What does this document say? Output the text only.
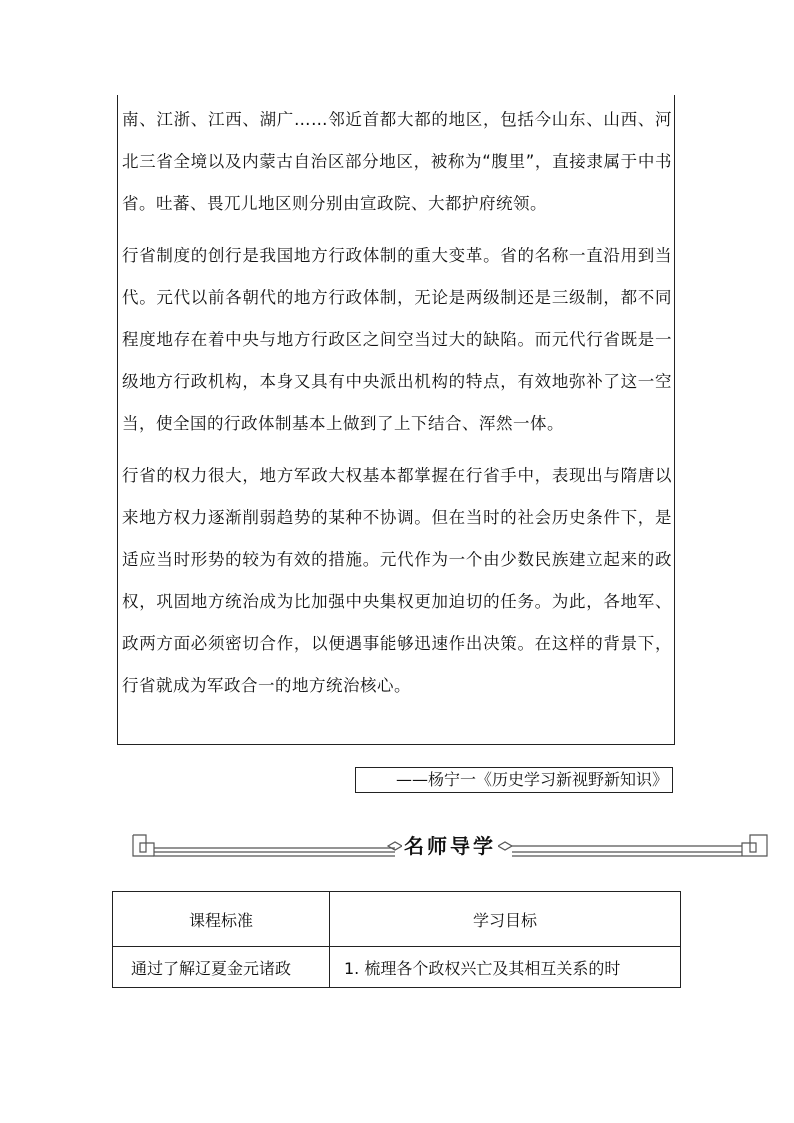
南、江浙、江西、湖广……邻近首都大都的地区，包括今山东、山西、河北三省全境以及内蒙古自治区部分地区，被称为“腹里”，直接隶属于中书省。吐蕃、畏兀儿地区则分别由宣政院、大都护府统领。

行省制度的创行是我国地方行政体制的重大变革。省的名称一直沿用到当代。元代以前各朝代的地方行政体制，无论是两级制还是三级制，都不同程度地存在着中央与地方行政区之间空当过大的缺陷。而元代行省既是一级地方行政机构，本身又具有中央派出机构的特点，有效地弥补了这一空当，使全国的行政体制基本上做到了上下结合、浑然一体。

行省的权力很大，地方军政大权基本都掌握在行省手中，表现出与隋唐以来地方权力逐渐削弱趋势的某种不协调。但在当时的社会历史条件下，是适应当时形势的较为有效的措施。元代作为一个由少数民族建立起来的政权，巩固地方统治成为比加强中央集权更加迫切的任务。为此，各地军、政两方面必须密切合作，以便遇事能够迅速作出决策。在这样的背景下，行省就成为军政合一的地方统治核心。

——杨宁一《历史学习新视野新知识》
名师导学
课程标准	学习目标
通过了解辽夏金元诸政	1. 梳理各个政权兴亡及其相互关系的时
